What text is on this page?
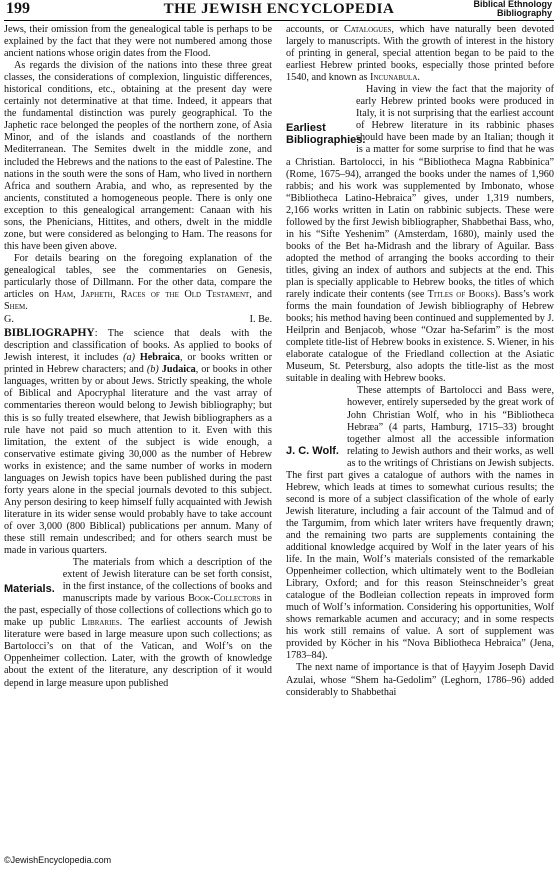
199	THE JEWISH ENCYCLOPEDIA	Biblical Ethnology
Bibliography

Jews, their omission from the genealogical table is perhaps to be explained by the fact that they were not numbered among those ancient nations whose origin dates from the Flood.

As regards the division of the nations into these three great classes, the considerations of complexion, linguistic differences, historical conditions, etc., obtaining at the present day were certainly not determinative at that time. Indeed, it appears that the fundamental distinction was purely geographical. To the Japhetic race belonged the peoples of the northern zone, of Asia Minor, and of the islands and coastlands of the northern Mediterranean. The Semites dwelt in the middle zone, and included the Hebrews and the nations to the east of Palestine. The nations in the south were the sons of Ham, who lived in northern Africa and southern Arabia, and who, as represented by the ancients, constituted a homogeneous people. There is only one exception to this genealogical arrangement: Canaan with his sons, the Phenicians, Hittites, and others, dwelt in the middle zone, but were considered as belonging to Ham. The reasons for this have been given above.

For details bearing on the foregoing explanation of the genealogical tables, see the commentaries on Genesis, particularly those of Dillmann. For the other data, compare the articles on Ham, Japheth, Races of the Old Testament, and Shem.

G.	I. Be.

BIBLIOGRAPHY: The science that deals with the description and classification of books. As applied to books of Jewish interest, it includes (a) Hebraica, or books written or printed in Hebrew characters; and (b) Judaica, or books in other languages, written by or about Jews. Strictly speaking, the whole of Biblical and Apocryphal literature and the vast array of commentaries thereon would belong to Jewish bibliography; but this is so fully treated elsewhere, that Jewish bibliographers as a rule have not paid so much attention to it. Even with this limitation, the extent of the subject is wide enough, a conservative estimate giving 30,000 as the number of Hebrew works in existence; and the same number of works in modern languages on Jewish topics have been published during the past forty years alone in the special journals devoted to this subject. Any person desiring to keep himself fully acquainted with Jewish literature in its wider sense would probably have to take account of over 3,000 (800 Biblical) publications per annum. Many of these still remain undescribed; and for others search must be made in various quarters.

Materials.
The materials from which a description of the extent of Jewish literature can be set forth consist, in the first instance, of the collections of books and manuscripts made by various Book-Collectors in the past, especially of those collections of collections which go to make up public Libraries. The earliest accounts of Jewish literature were based in large measure upon such collections; as Bartolocci’s on that of the Vatican, and Wolf’s on the Oppenheimer collection. Later, with the growth of knowledge about the extent of the literature, any description of it would depend in large measure upon published

accounts, or Catalogues, which have naturally been devoted largely to manuscripts. With the growth of interest in the history of printing in general, special attention began to be paid to the earliest Hebrew printed books, especially those printed before 1540, and known as Incunabula.

Earliest Bibliographies.
Having in view the fact that the majority of early Hebrew printed books were produced in Italy, it is not surprising that the earliest account of Hebrew literature in its rabbinic phases should have been made by an Italian; though it is a matter for some surprise to find that he was a Christian. Bartolocci, in his “Bibliotheca Magna Rabbinica” (Rome, 1675–94), arranged the books under the names of 1,960 rabbis; and his work was supplemented by Imbonato, whose “Bibliotheca Latino-Hebraica” gives, under 1,319 numbers, 2,166 works written in Latin on rabbinic subjects. These were followed by the first Jewish bibliographer, Shabbethai Bass, who, in his “Sifte Yeshenim” (Amsterdam, 1680), mainly used the books of the Bet ha-Midrash and the library of Aguilar. Bass adopted the method of arranging the books according to their titles, giving an index of authors and subjects at the end. This plan is specially applicable to Hebrew books, the titles of which rarely indicate their contents (see Titles of Books). Bass’s work forms the main foundation of Jewish bibliography of Hebrew books; his method having been continued and supplemented by J. Heilprin and Benjacob, whose “Ozar ha-Sefarim” is the most complete title-list of Hebrew books in existence. S. Wiener, in his elaborate catalogue of the Friedland collection at the Asiatic Museum, St. Petersburg, also adopts the title-list as the most suitable in dealing with Hebrew books.

J. C. Wolf.
These attempts of Bartolocci and Bass were, however, entirely superseded by the great work of John Christian Wolf, who in his “Bibliotheca Hebræa” (4 parts, Hamburg, 1715–33) brought together almost all the accessible information relating to Jewish authors and their works, as well as to the writings of Christians on Jewish subjects. The first part gives a catalogue of authors with the names in Hebrew, which leads at times to somewhat curious results; the second is more of a subject classification of the whole of early Jewish literature, including a fair account of the Talmud and of the Targumim, from which later writers have frequently drawn; and the remaining two parts are supplements containing the additional knowledge acquired by Wolf in the later years of his life. In the main, Wolf’s materials consisted of the remarkable Oppenheimer collection, which ultimately went to the Bodleian Library, Oxford; and for this reason Steinschneider’s great catalogue of the Bodleian collection repeats in improved form much of Wolf’s information. Considering his opportunities, Wolf shows remarkable acumen and accuracy; and in some respects his work still remains of value. A sort of supplement was provided by Köcher in his “Nova Bibliotheca Hebraica” (Jena, 1783–84).

The next name of importance is that of Ḥayyim Joseph David Azulai, whose “Shem ha-Gedolim” (Leghorn, 1786–96) added considerably to Shabbethai

©JewishEncyclopedia.com
